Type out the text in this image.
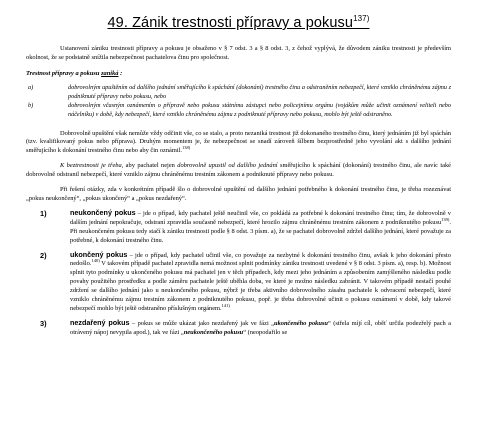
49. Zánik trestnosti přípravy a pokusu$^{137)}$

Ustanovení zániku trestnosti přípravy a pokusu je obsaženo v § 7 odst. 3 a § 8 odst. 3, z čehož vyplývá, že důvodem zániku trestnosti je především okolnost, že se podstatně snížila nebezpečnost pachatelova činu pro společnost.

Trestnost přípravy a pokusu zaniká :

a)	dobrovolným upuštěním od dalšího jednání směřujícího k spáchání (dokonání) trestného činu a odstraněním nebezpečí, které vzniklo chráněnému zájmu z podniknuté přípravy nebo pokusu, nebo
b)	dobrovolným včasným oznámením o přípravě nebo pokusu státnímu zástupci nebo policejnímu orgánu (vojákům může učinit oznámení veliteli nebo náčelníku) v době, kdy nebezpečí, které vzniklo chráněnému zájmu z podniknuté přípravy nebo pokusu, mohlo být ještě odstraněno.

Dobrovolně upuštění však nemůže vždy odčinit vše, co se stalo, a proto nezaniká trestnost již dokonaného trestného činu, který jednáním již byl spáchán (tzv. kvalifikovaný pokus nebo příprava). Druhým momentem je, že nebezpečnost se snadí zároveň šílbem bezprostředně jeho vyvolání akt s dalšího jednání směřujícího k dokonání trestného činu nebo aby čin oznámil.$^{138)}$

K beztrestnosti je třeba, aby pachatel nejen dobrovolně upustil od dalšího jednání směřujícího k spáchání (dokonání) trestného činu, ale navíc také dobrovolně odstranil nebezpečí, které vzniklo zájmu chráněnému trestním zákonem a podniknuté přípravy nebo pokusu.

Při řešení otázky, zda v konkrétním případě šlo o dobrovolné upuštění od dalšího jednání potřebného k dokonání trestného činu, je třeba rozeznávat „pokus neukončený“, „pokus ukončený“ a „pokus nezdařený“.

1)	neukončený pokus – jde o případ, kdy pachatel ještě neučinil vše, co pokládá za potřebné k dokonání trestného činu; tím, že dobrovolně v dalším jednání nepokračuje, odstraní zpravidla současně nebezpečí, které hrozilo zájmu chráněnému trestním zákonem z podniknutého pokusu$^{139)}$. Při neukončeném pokusu tedy stačí k zániku trestnosti podle § 8 odst. 3 písm. a), že se pachatel dobrovolně zdržel dalšího jednání, které považuje za potřebné, k dokonání trestného činu.
2)	ukončený pokus – jde o případ, kdy pachatel učinil vše, co považuje za nezbytné k dokonání trestného činu, avšak k jeho dokonání přesto nedošlo.$^{140)}$ V takovém případě pachatel zpravidla nemá možnost splnit podmínky zániku trestnosti uvedené v § 8 odst. 3 písm. a), resp. b). Možnost splnit tyto podmínky u ukončeného pokusu má pachatel jen v těch případech, kdy mezi jeho jednáním a způsobením zamýšleného následku podle povahy použitého prostředku a podle záměru pachatele ještě uběhla doba, ve které je možno následku zabránit. V takovém případě nestačí pouhé zdržení se dalšího jednání jako u neukončeného pokusu, nýbrž je třeba aktivního dobrovolného zásahu pachatele k odvracení nebezpečí, které vzniklo chráněnému zájmu trestním zákonem z podniknutého pokusu, popř. je třeba dobrovolné učinit o pokusu oznámení v době, kdy takové nebezpečí mohlo být ještě odstraněno příslušným orgánem.$^{141)}$
3)	nezdařený pokus – pokus se může ukázat jako nezdařený jak ve fázi „ukončeného pokusu“ (střela míjí cíl, oběť určila podezřelý pach a otrávený nápoj nevypila apod.), tak ve fázi „neukončeného pokusu“ (neopodařilo se
